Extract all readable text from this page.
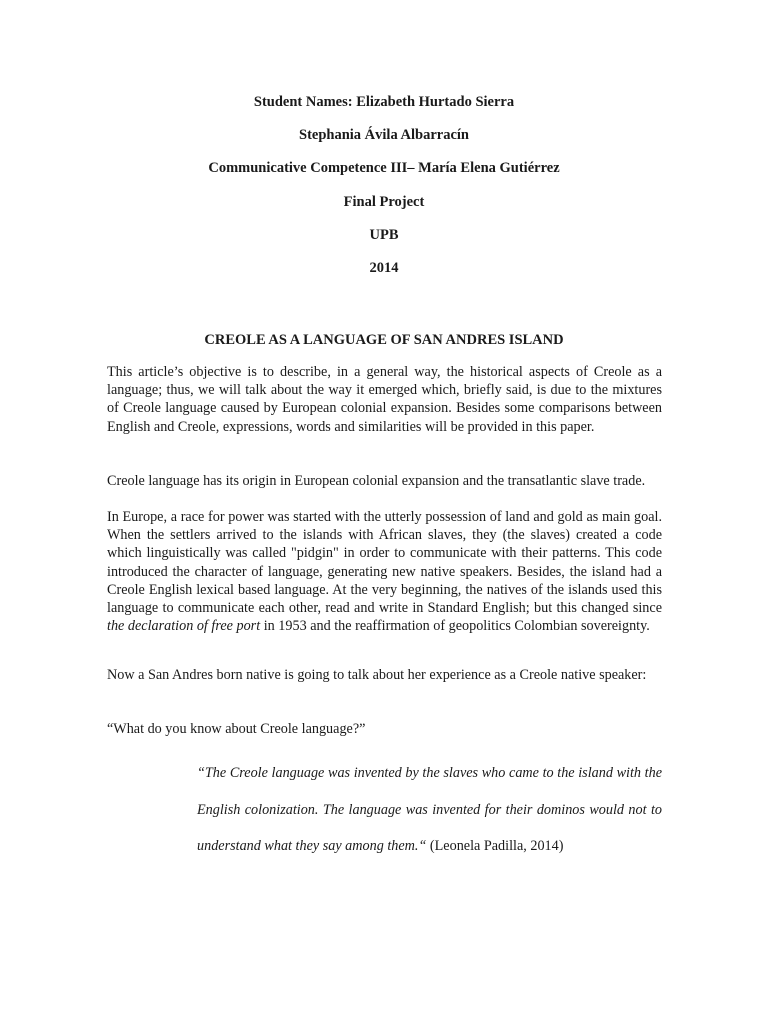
Student Names: Elizabeth Hurtado Sierra
Stephania Ávila Albarracín
Communicative Competence III– María Elena Gutiérrez
Final Project
UPB
2014
CREOLE AS A LANGUAGE OF SAN ANDRES ISLAND

This article’s objective is to describe, in a general way, the historical aspects of Creole as a language; thus, we will talk about the way it emerged which, briefly said, is due to the mixtures of Creole language caused by European colonial expansion. Besides some comparisons between English and Creole, expressions, words and similarities will be provided in this paper.

Creole language has its origin in European colonial expansion and the transatlantic slave trade.

In Europe, a race for power was started with the utterly possession of land and gold as main goal. When the settlers arrived to the islands with African slaves, they (the slaves) created a code which linguistically was called "pidgin" in order to communicate with their patterns. This code introduced the character of language, generating new native speakers. Besides, the island had a Creole English lexical based language. At the very beginning, the natives of the islands used this language to communicate each other, read and write in Standard English; but this changed since the declaration of free port in 1953 and the reaffirmation of geopolitics Colombian sovereignty.

Now a San Andres born native is going to talk about her experience as a Creole native speaker:

“What do you know about Creole language?”

“The Creole language was invented by the slaves who came to the island with the English colonization. The language was invented for their dominos would not to understand what they say among them.“ (Leonela Padilla, 2014)
